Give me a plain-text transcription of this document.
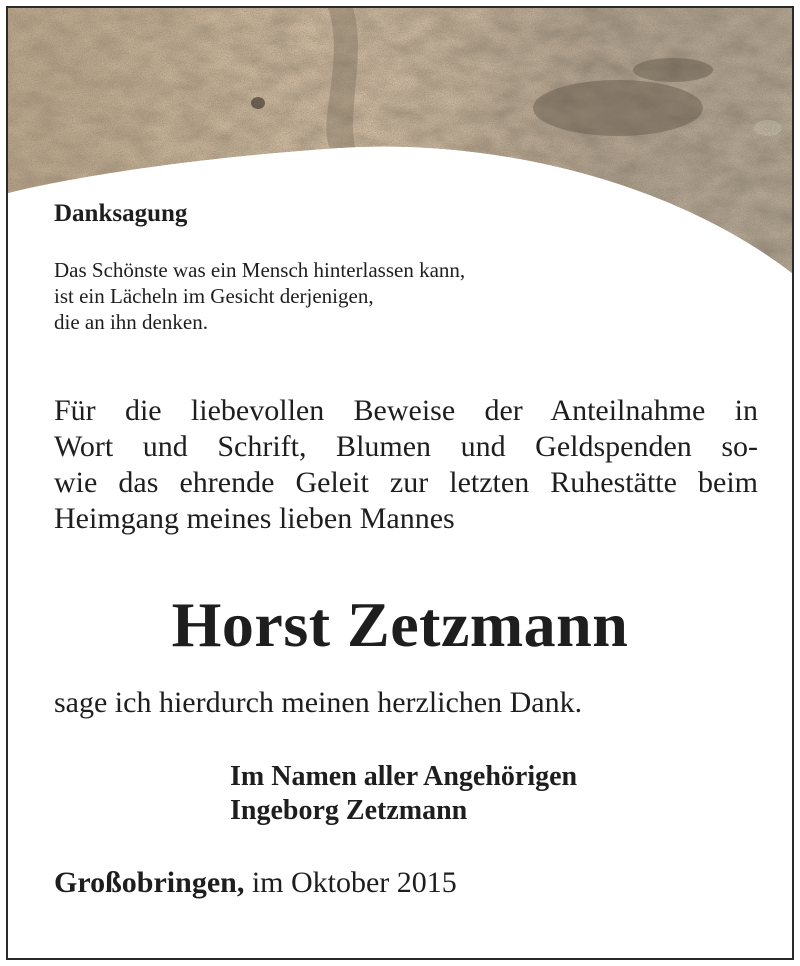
Danksagung
Das Schönste was ein Mensch hinterlassen kann,
ist ein Lächeln im Gesicht derjenigen,
die an ihn denken.
Für die liebevollen Beweise der Anteilnahme in
Wort und Schrift, Blumen und Geldspenden so-
wie das ehrende Geleit zur letzten Ruhestätte beim
Heimgang meines lieben Mannes
Horst Zetzmann
sage ich hierdurch meinen herzlichen Dank.
Im Namen aller Angehörigen
Ingeborg Zetzmann
Großobringen, im Oktober 2015
